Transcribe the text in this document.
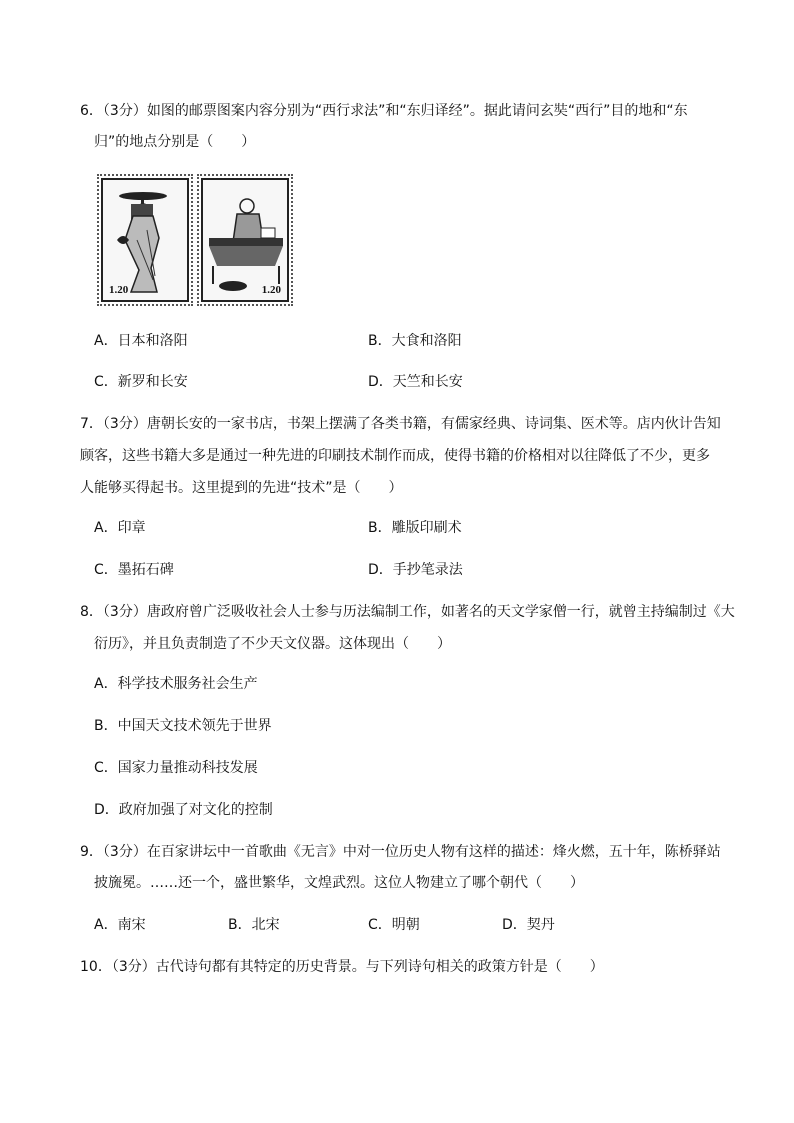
6．（3分）如图的邮票图案内容分别为“西行求法”和“东归译经”。据此请问玄奘“西行”目的地和“东
归”的地点分别是（　　）
1.20	1.20
A．日本和洛阳	B．大食和洛阳
C．新罗和长安	D．天竺和长安
7．（3分）唐朝长安的一家书店，书架上摆满了各类书籍，有儒家经典、诗词集、医术等。店内伙计告知
顾客，这些书籍大多是通过一种先进的印刷技术制作而成，使得书籍的价格相对以往降低了不少，更多
人能够买得起书。这里提到的先进“技术”是（　　）
A．印章	B．雕版印刷术
C．墨拓石碑	D．手抄笔录法
8．（3分）唐政府曾广泛吸收社会人士参与历法编制工作，如著名的天文学家僧一行，就曾主持编制过《大
衍历》，并且负责制造了不少天文仪器。这体现出（　　）
A．科学技术服务社会生产
B．中国天文技术领先于世界
C．国家力量推动科技发展
D．政府加强了对文化的控制
9．（3分）在百家讲坛中一首歌曲《无言》中对一位历史人物有这样的描述：烽火燃，五十年，陈桥驿站
披旒冕。……还一个，盛世繁华，文煌武烈。这位人物建立了哪个朝代（　　）
A．南宋	B．北宋	C．明朝	D．契丹
10．（3分）古代诗句都有其特定的历史背景。与下列诗句相关的政策方针是（　　）
